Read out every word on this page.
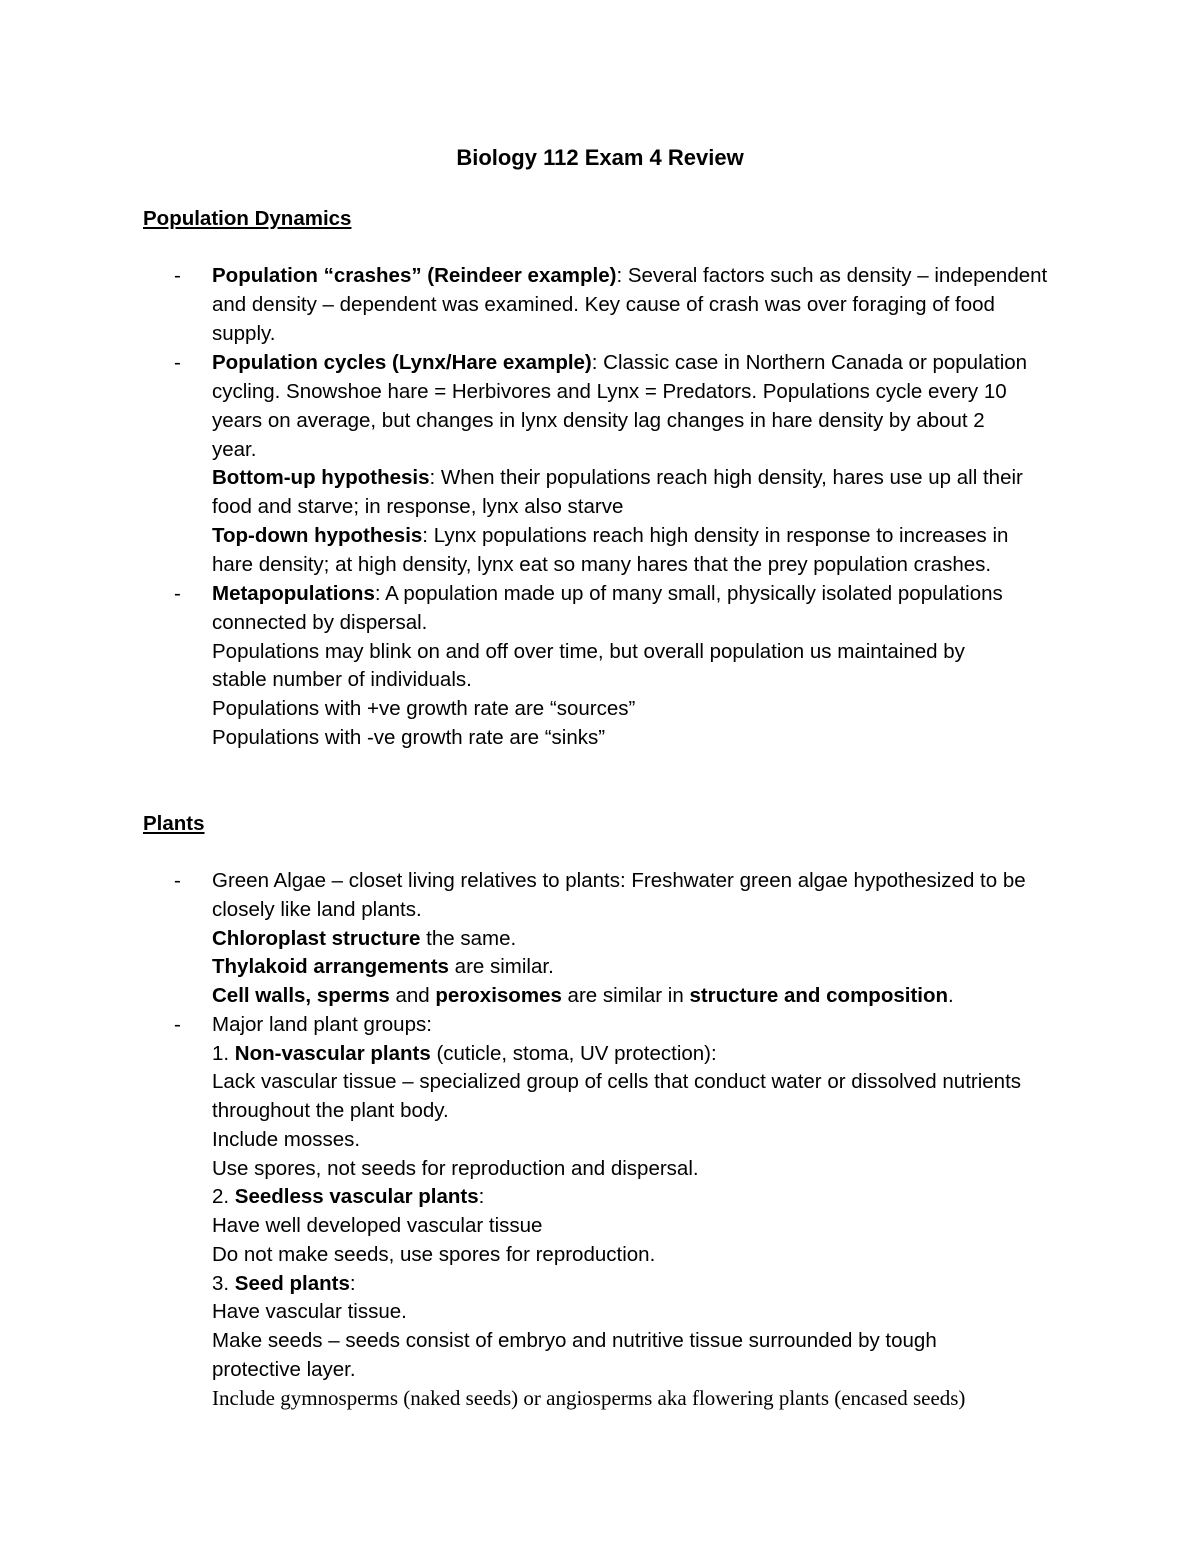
Biology 112 Exam 4 Review
Population Dynamics
-	Population “crashes” (Reindeer example): Several factors such as density – independent
and density – dependent was examined. Key cause of crash was over foraging of food
supply.
-	Population cycles (Lynx/Hare example): Classic case in Northern Canada or population
cycling. Snowshoe hare = Herbivores and Lynx = Predators. Populations cycle every 10
years on average, but changes in lynx density lag changes in hare density by about 2
year.
Bottom-up hypothesis: When their populations reach high density, hares use up all their
food and starve; in response, lynx also starve
Top-down hypothesis: Lynx populations reach high density in response to increases in
hare density; at high density, lynx eat so many hares that the prey population crashes.
-	Metapopulations: A population made up of many small, physically isolated populations
connected by dispersal.
Populations may blink on and off over time, but overall population us maintained by
stable number of individuals.
Populations with +ve growth rate are “sources”
Populations with -ve growth rate are “sinks”
Plants
-	Green Algae – closet living relatives to plants: Freshwater green algae hypothesized to be
closely like land plants.
Chloroplast structure the same.
Thylakoid arrangements are similar.
Cell walls, sperms and peroxisomes are similar in structure and composition.
-	Major land plant groups:
1. Non-vascular plants (cuticle, stoma, UV protection):
Lack vascular tissue – specialized group of cells that conduct water or dissolved nutrients
throughout the plant body.
Include mosses.
Use spores, not seeds for reproduction and dispersal.
2. Seedless vascular plants:
Have well developed vascular tissue
Do not make seeds, use spores for reproduction.
3. Seed plants:
Have vascular tissue.
Make seeds – seeds consist of embryo and nutritive tissue surrounded by tough
protective layer.
Include gymnosperms (naked seeds) or angiosperms aka flowering plants (encased seeds)
